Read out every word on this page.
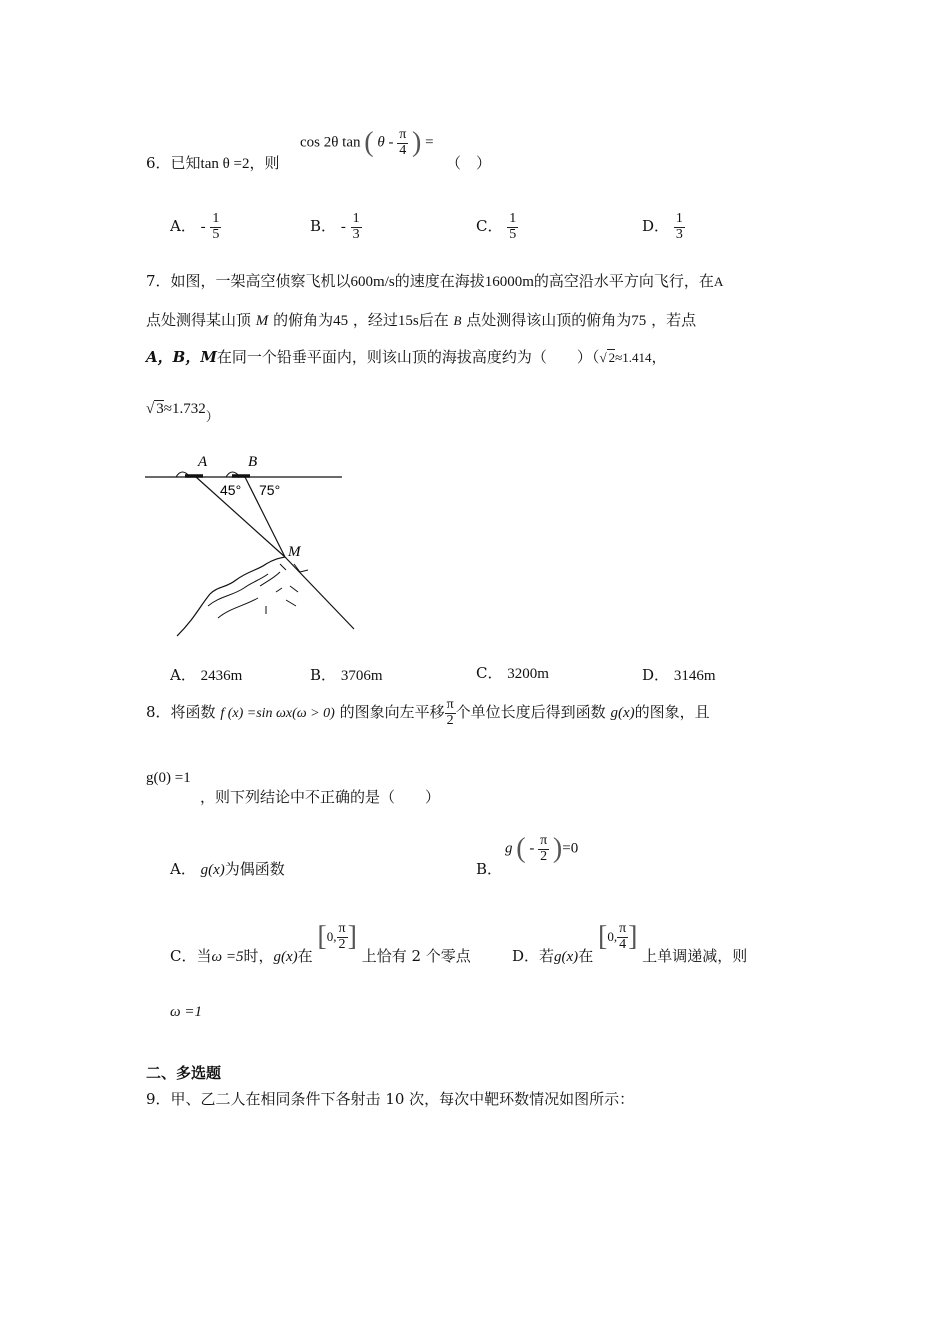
6．已知tan θ =2，则
cos 2θ tan ( θ - $\frac{\pi}{4}$ ) =
（　）
A． - $\frac{1}{5}$	B． - $\frac{1}{3}$	C． $\frac{1}{5}$	D． $\frac{1}{3}$
7．如图，一架高空侦察飞机以600m/s的速度在海拔16000m的高空沿水平方向飞行，在A
点处测得某山顶 M 的俯角为45 ，经过15s后在 B 点处测得该山顶的俯角为75 ，若点
A，B，M在同一个铅垂平面内，则该山顶的海拔高度约为（　　）（√ 2≈1.414，
√ 3≈1.732）
A	B
45° 75°
M
A． 2436m	B． 3706m	C． 3200m	D． 3146m
8．将函数 f (x) =sin ωx(ω > 0) 的图象向左平移 $\frac{\pi}{2}$ 个单位长度后得到函数 g(x)的图象，且
g(0) =1
，则下列结论中不正确的是（　　）
A． g(x)为偶函数	B．
g ( - $\frac{\pi}{2} )=0$
C．当ω =5时，g(x)在 [0, $\frac{\pi}{2}$ ] 上恰有 2 个零点	D．若g(x)在 [0, $\frac{\pi}{4}$ ] 上单调递减，则
ω =1
二、多选题
9．甲、乙二人在相同条件下各射击 10 次，每次中靶环数情况如图所示：
